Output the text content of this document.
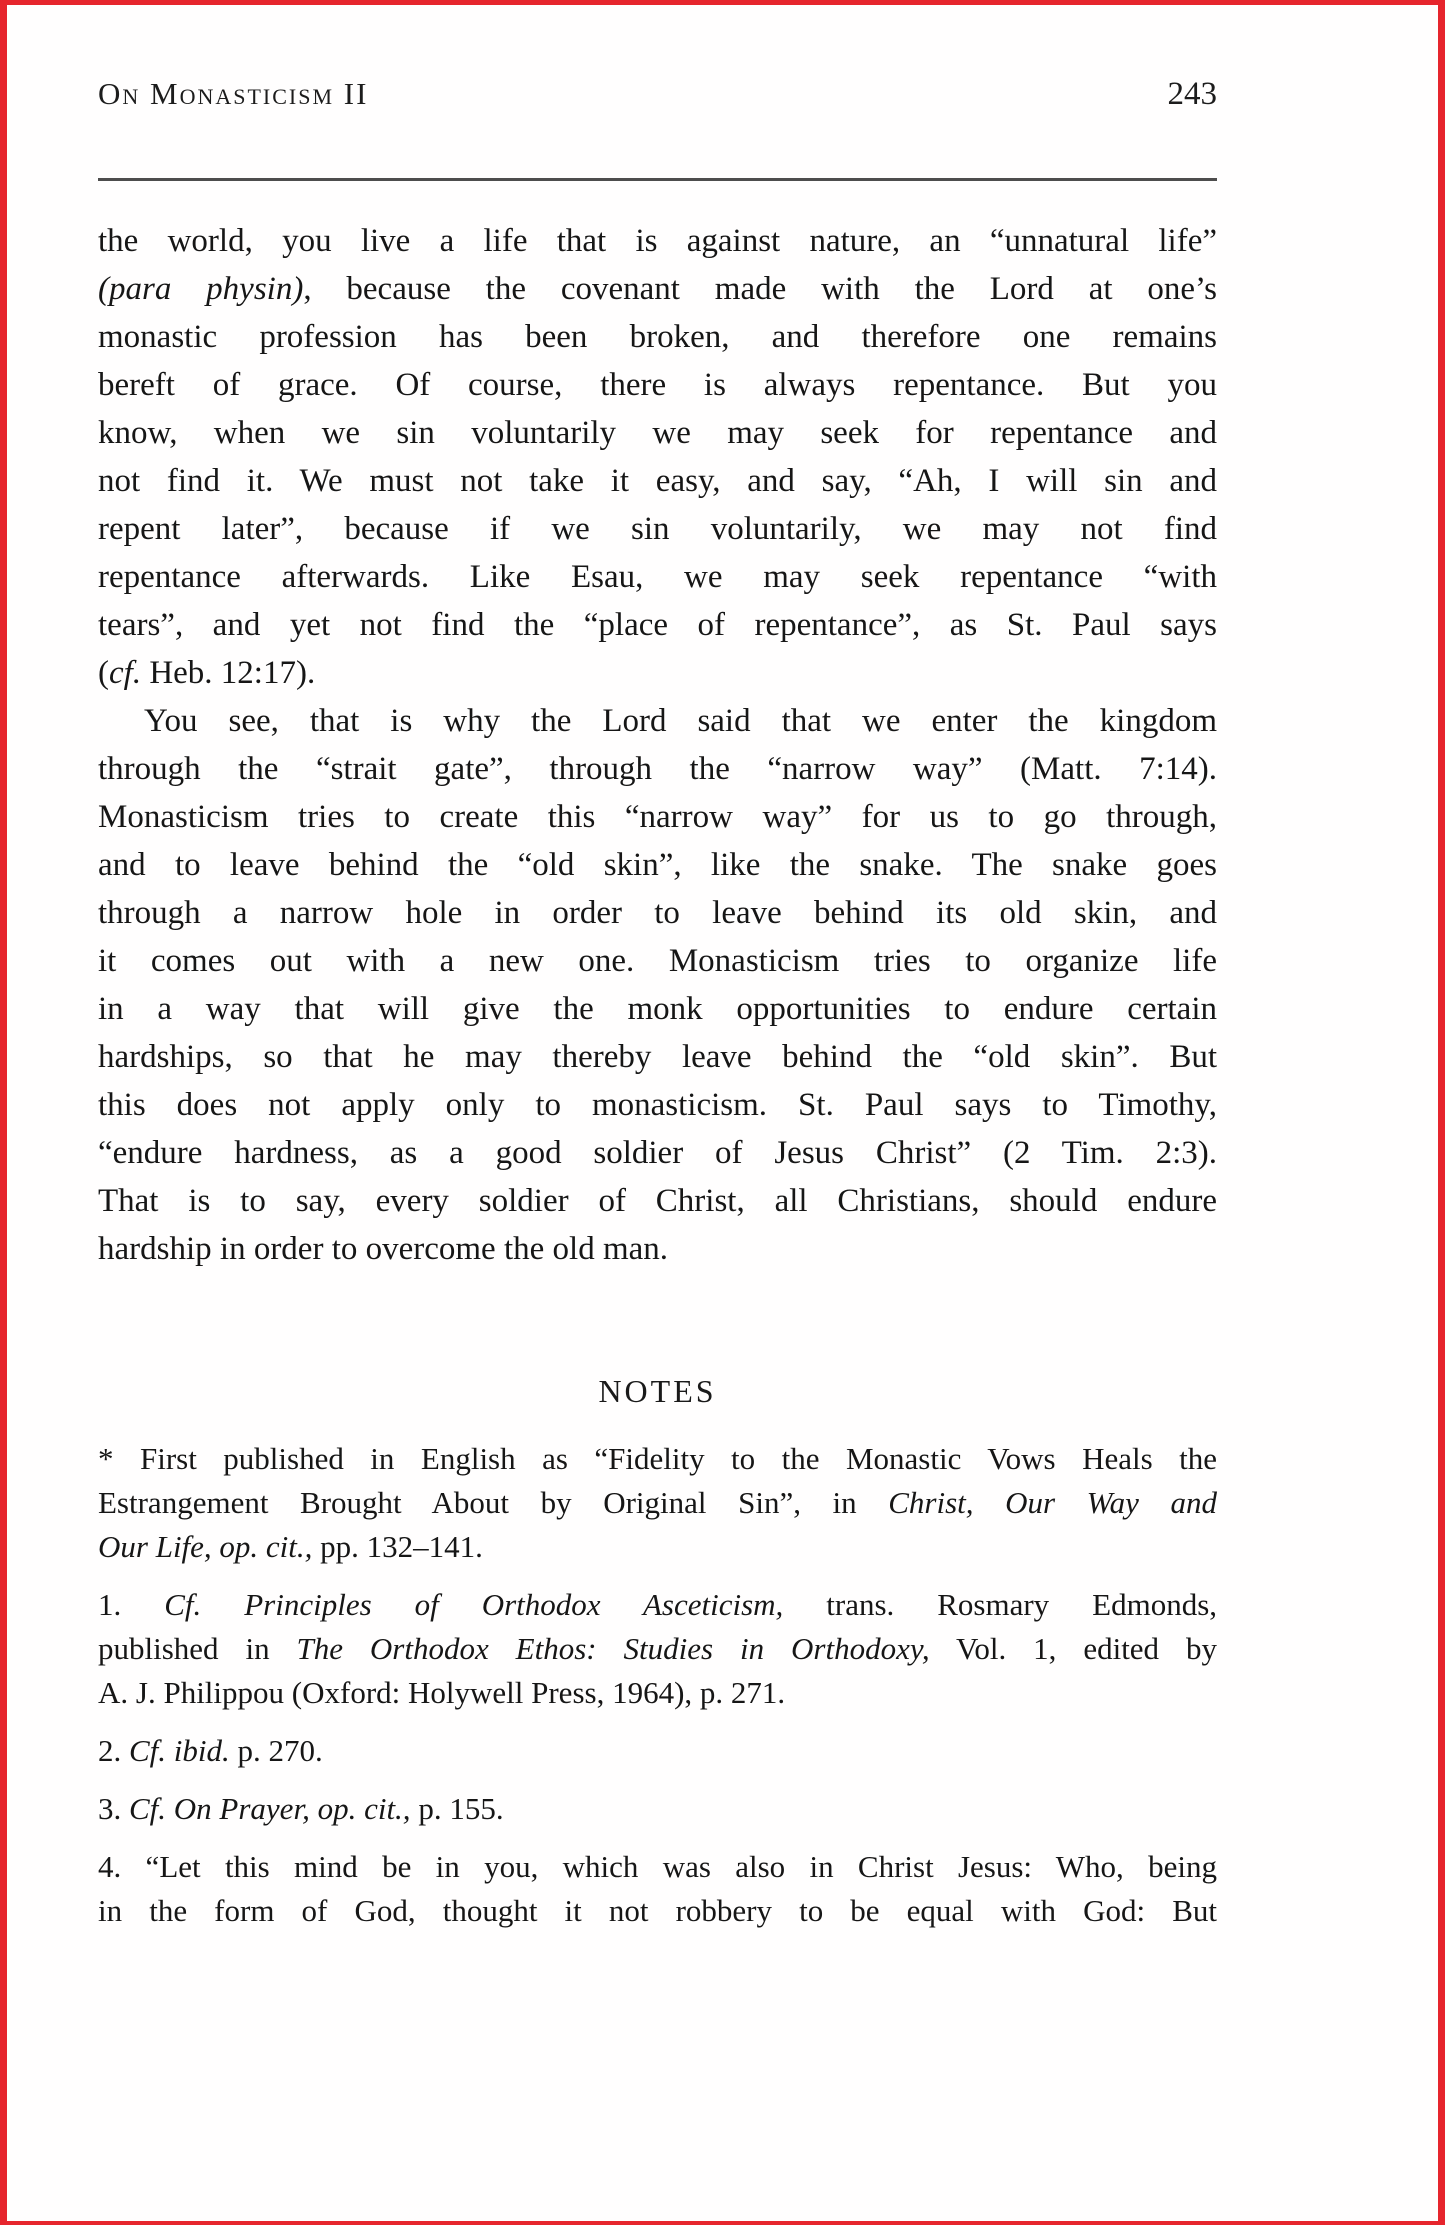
On Monasticism II	243
the world, you live a life that is against nature, an “unnatural life”
(para physin), because the covenant made with the Lord at one’s
monastic profession has been broken, and therefore one remains
bereft of grace. Of course, there is always repentance. But you
know, when we sin voluntarily we may seek for repentance and
not find it. We must not take it easy, and say, “Ah, I will sin and
repent later”, because if we sin voluntarily, we may not find
repentance afterwards. Like Esau, we may seek repentance “with
tears”, and yet not find the “place of repentance”, as St. Paul says
(cf. Heb. 12:17).
You see, that is why the Lord said that we enter the kingdom
through the “strait gate”, through the “narrow way” (Matt. 7:14).
Monasticism tries to create this “narrow way” for us to go through,
and to leave behind the “old skin”, like the snake. The snake goes
through a narrow hole in order to leave behind its old skin, and
it comes out with a new one. Monasticism tries to organize life
in a way that will give the monk opportunities to endure certain
hardships, so that he may thereby leave behind the “old skin”. But
this does not apply only to monasticism. St. Paul says to Timothy,
“endure hardness, as a good soldier of Jesus Christ” (2 Tim. 2:3).
That is to say, every soldier of Christ, all Christians, should endure
hardship in order to overcome the old man.
NOTES
* First published in English as “Fidelity to the Monastic Vows Heals the
Estrangement Brought About by Original Sin”, in Christ, Our Way and
Our Life, op. cit., pp. 132–141.
1. Cf. Principles of Orthodox Asceticism, trans. Rosmary Edmonds,
published in The Orthodox Ethos: Studies in Orthodoxy, Vol. 1, edited by
A. J. Philippou (Oxford: Holywell Press, 1964), p. 271.
2. Cf. ibid. p. 270.
3. Cf. On Prayer, op. cit., p. 155.
4. “Let this mind be in you, which was also in Christ Jesus: Who, being
in the form of God, thought it not robbery to be equal with God: But
